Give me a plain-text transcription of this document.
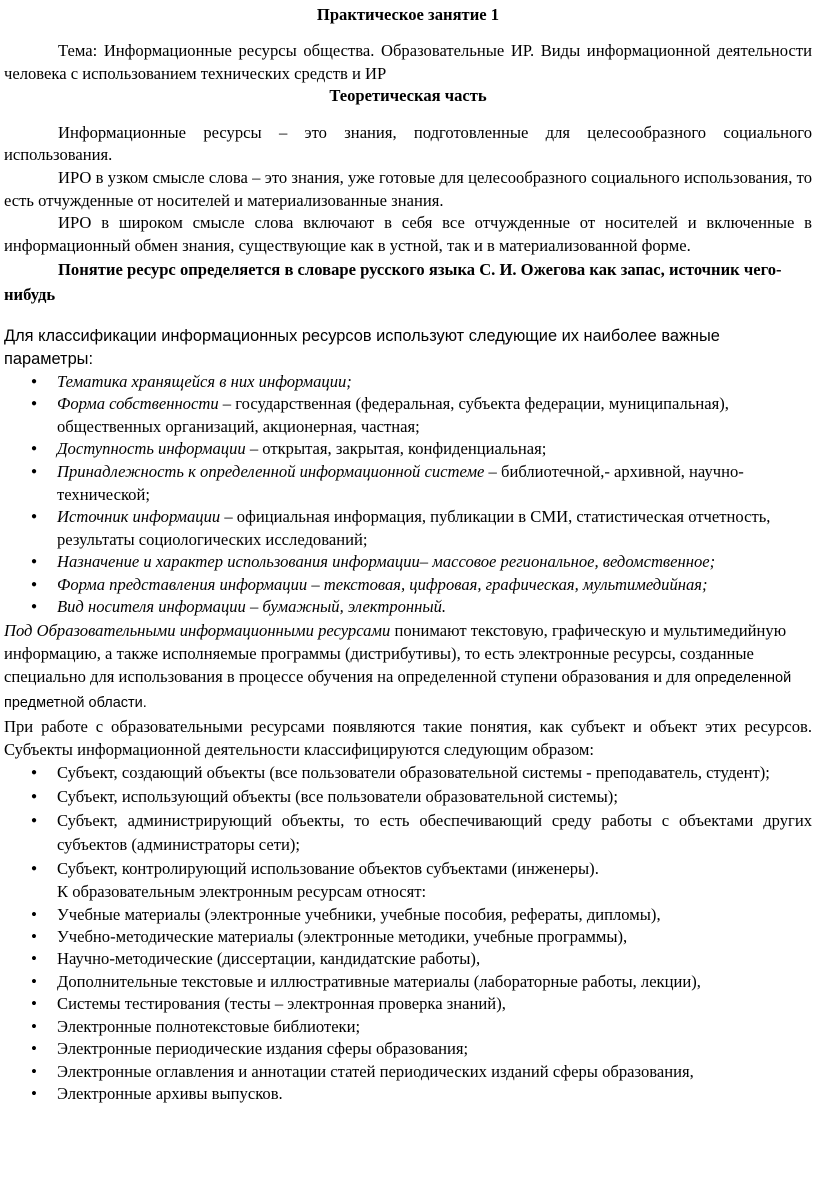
Практическое занятие 1

Тема: Информационные ресурсы общества. Образовательные ИР. Виды информационной деятельности человека с использованием технических средств и ИР

Теоретическая часть

Информационные ресурсы – это знания, подготовленные для целесообразного социального использования.

ИРО в узком смысле слова – это знания, уже готовые для целесообразного социального использования, то есть отчужденные от носителей и материализованные знания.

ИРО в широком смысле слова включают в себя все отчужденные от носителей и включенные в информационный обмен знания, существующие как в устной, так и в материализованной форме.

Понятие ресурс определяется в словаре русского языка С. И. Ожегова как запас, источник чего-нибудь

Для классификации информационных ресурсов используют следующие их наиболее важные параметры:

● Тематика хранящейся в них информации;
● Форма собственности – государственная (федеральная, субъекта федерации, муниципальная), общественных организаций, акционерная, частная;
● Доступность информации – открытая, закрытая, конфиденциальная;
● Принадлежность к определенной информационной системе – библиотечной,- архивной, научно-технической;
● Источник информации – официальная информация, публикации в СМИ, статистическая отчетность, результаты социологических исследований;
● Назначение и характер использования информации– массовое региональное, ведомственное;
● Форма представления информации – текстовая, цифровая, графическая, мультимедийная;
● Вид носителя информации – бумажный, электронный.

Под Образовательными информационными ресурсами понимают текстовую, графическую и мультимедийную информацию, а также исполняемые программы (дистрибутивы), то есть электронные ресурсы, созданные специально для использования в процессе обучения на определенной ступени образования и для определенной предметной области.

При работе с образовательными ресурсами появляются такие понятия, как субъект и объект этих ресурсов. Субъекты информационной деятельности классифицируются следующим образом:

● Субъект, создающий объекты (все пользователи образовательной системы - преподаватель, студент);
● Субъект, использующий объекты (все пользователи образовательной системы);
● Субъект, администрирующий объекты, то есть обеспечивающий среду работы с объектами других субъектов (администраторы сети);
● Субъект, контролирующий использование объектов субъектами (инженеры).

К образовательным электронным ресурсам относят:

• Учебные материалы (электронные учебники, учебные пособия, рефераты, дипломы),
• Учебно-методические материалы (электронные методики, учебные программы),
• Научно-методические (диссертации, кандидатские работы),
• Дополнительные текстовые и иллюстративные материалы (лабораторные работы, лекции),
• Системы тестирования (тесты – электронная проверка знаний),
• Электронные полнотекстовые библиотеки;
• Электронные периодические издания сферы образования;
• Электронные оглавления и аннотации статей периодических изданий сферы образования,
• Электронные архивы выпусков.
